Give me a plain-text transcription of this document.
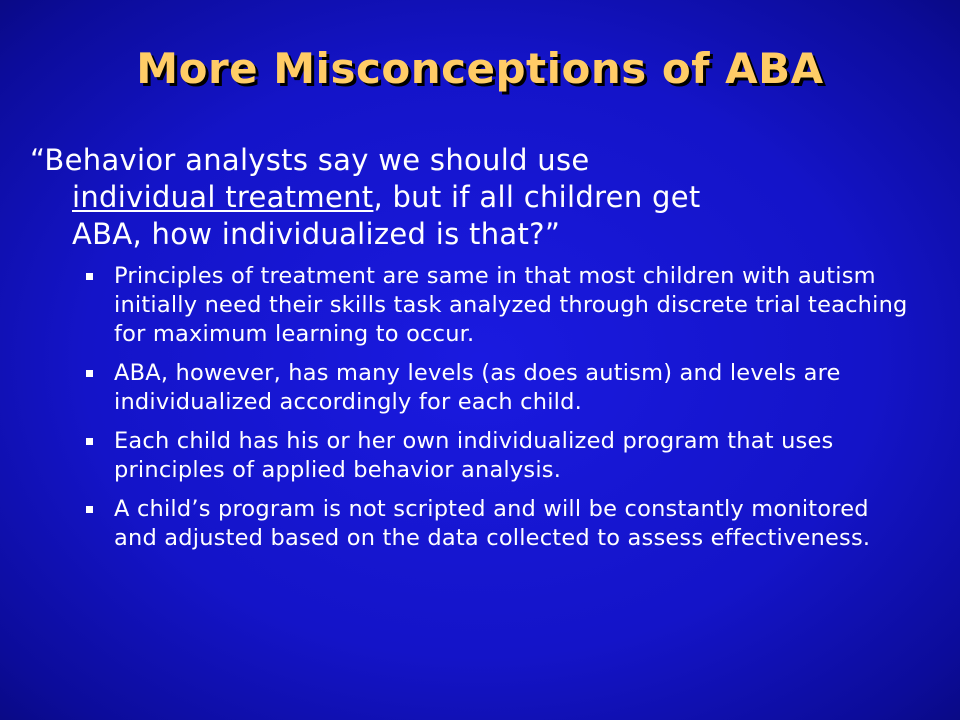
More Misconceptions of ABA

“Behavior analysts say we should use
individual treatment, but if all children get
ABA, how individualized is that?”

Principles of treatment are same in that most children with autism initially need their skills task analyzed through discrete trial teaching for maximum learning to occur.
ABA, however, has many levels (as does autism) and levels are individualized accordingly for each child.
Each child has his or her own individualized program that uses principles of applied behavior analysis.
A child’s program is not scripted and will be constantly monitored and adjusted based on the data collected to assess effectiveness.
